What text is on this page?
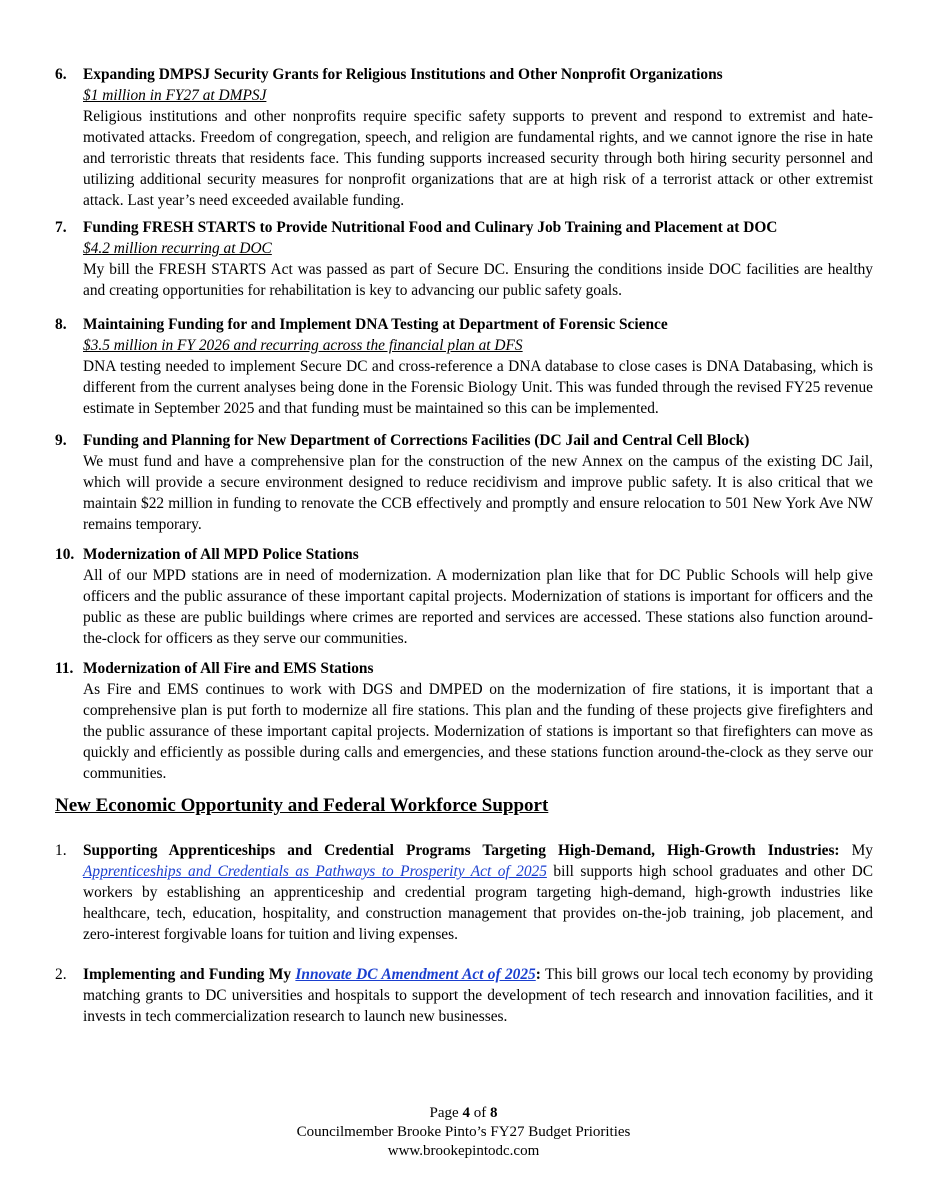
6. Expanding DMPSJ Security Grants for Religious Institutions and Other Nonprofit Organizations
$1 million in FY27 at DMPSJ
Religious institutions and other nonprofits require specific safety supports to prevent and respond to extremist and hate-motivated attacks. Freedom of congregation, speech, and religion are fundamental rights, and we cannot ignore the rise in hate and terroristic threats that residents face. This funding supports increased security through both hiring security personnel and utilizing additional security measures for nonprofit organizations that are at high risk of a terrorist attack or other extremist attack. Last year’s need exceeded available funding.
7. Funding FRESH STARTS to Provide Nutritional Food and Culinary Job Training and Placement at DOC
$4.2 million recurring at DOC
My bill the FRESH STARTS Act was passed as part of Secure DC. Ensuring the conditions inside DOC facilities are healthy and creating opportunities for rehabilitation is key to advancing our public safety goals.
8. Maintaining Funding for and Implement DNA Testing at Department of Forensic Science
$3.5 million in FY 2026 and recurring across the financial plan at DFS
DNA testing needed to implement Secure DC and cross-reference a DNA database to close cases is DNA Databasing, which is different from the current analyses being done in the Forensic Biology Unit. This was funded through the revised FY25 revenue estimate in September 2025 and that funding must be maintained so this can be implemented.
9. Funding and Planning for New Department of Corrections Facilities (DC Jail and Central Cell Block)
We must fund and have a comprehensive plan for the construction of the new Annex on the campus of the existing DC Jail, which will provide a secure environment designed to reduce recidivism and improve public safety. It is also critical that we maintain $22 million in funding to renovate the CCB effectively and promptly and ensure relocation to 501 New York Ave NW remains temporary.
10. Modernization of All MPD Police Stations
All of our MPD stations are in need of modernization. A modernization plan like that for DC Public Schools will help give officers and the public assurance of these important capital projects. Modernization of stations is important for officers and the public as these are public buildings where crimes are reported and services are accessed. These stations also function around-the-clock for officers as they serve our communities.
11. Modernization of All Fire and EMS Stations
As Fire and EMS continues to work with DGS and DMPED on the modernization of fire stations, it is important that a comprehensive plan is put forth to modernize all fire stations. This plan and the funding of these projects give firefighters and the public assurance of these important capital projects. Modernization of stations is important so that firefighters can move as quickly and efficiently as possible during calls and emergencies, and these stations function around-the-clock as they serve our communities.
New Economic Opportunity and Federal Workforce Support
1. Supporting Apprenticeships and Credential Programs Targeting High-Demand, High-Growth Industries: My Apprenticeships and Credentials as Pathways to Prosperity Act of 2025 bill supports high school graduates and other DC workers by establishing an apprenticeship and credential program targeting high-demand, high-growth industries like healthcare, tech, education, hospitality, and construction management that provides on-the-job training, job placement, and zero-interest forgivable loans for tuition and living expenses.
2. Implementing and Funding My Innovate DC Amendment Act of 2025: This bill grows our local tech economy by providing matching grants to DC universities and hospitals to support the development of tech research and innovation facilities, and it invests in tech commercialization research to launch new businesses.
Page 4 of 8
Councilmember Brooke Pinto’s FY27 Budget Priorities
www.brookepintodc.com
